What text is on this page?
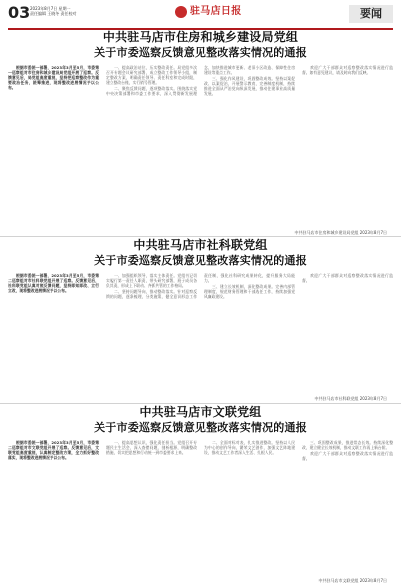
03 2023年8月7日 星期一
责任编辑 王晓冬 责任校对	驻马店日报	要闻
中共驻马店市住房和城乡建设局党组
关于市委巡察反馈意见整改落实情况的通报

根据市委统一部署，2023年3月至5月，市委第一巡察组对市住房和城乡建设局党组开展了巡察。反馈意见后，局党组高度重视，坚持把巡察整改作为重要政治任务，统筹推进，现将整改进展情况予以公布。

一、提高政治站位，压实整改责任。局党组多次召开专题会议研究部署，成立整改工作领导小组，制定整改方案，明确责任领导、责任科室和完成时限，建立整改台账，实行销号管理。

二、聚焦反馈问题，逐项整改落实。围绕落实党中央决策部署和市委工作要求，深入贯彻新发展理念，加快推进城市更新、老旧小区改造、保障性住房建设等重点工作。

三、强化作风建设，巩固整改成效。坚持以案促改、以案促治，开展警示教育，完善制度机制，持续推进全面从严治党向纵深发展，推动住建事业高质量发展。

欢迎广大干部群众对巡察整改落实情况进行监督。如有意见建议，请及时向我们反映。

中共驻马店市住房和城乡建设局党组 2023年8月7日
中共驻马店市社科联党组
关于市委巡察反馈意见整改落实情况的通报

根据市委统一部署，2023年3月至5月，市委第二巡察组对市社科联党组开展了巡察。反馈意见后，社科联党组认真对照反馈问题，坚持即知即改、立行立改，现将整改进展情况予以公布。

一、加强组织领导，落实主体责任。党组书记切实履行第一责任人职责，带头研究部署，班子成员各负其责，形成上下联动、齐抓共管的工作格局。

二、坚持问题导向，推动整改落实。针对巡察反馈的问题，逐条梳理，分类施策，健全意识形态工作责任制，强化社科研究成果转化，提升服务大局能力。

三、建立长效机制，深化整改成果。完善内部管理制度，规范财务管理和干部选任工作，持续加强党风廉政建设。

欢迎广大干部群众对巡察整改落实情况进行监督。

中共驻马店市社科联党组 2023年8月7日
中共驻马店市文联党组
关于市委巡察反馈意见整改落实情况的通报

根据市委统一部署，2023年3月至5月，市委第二巡察组对市文联党组开展了巡察。反馈意见后，文联党组高度重视，认真制定整改方案，全力抓好整改落实，现将整改进展情况予以公布。

一、提高思想认识，强化责任担当。党组召开专题民主生活会，深入查摆问题，剖析根源，明确整改措施，切实把思想和行动统一到市委要求上来。

二、全面对标对表，扎实推进整改。坚持以人民为中心的创作导向，繁荣文艺创作，加强文艺阵地建设，推动文艺工作者深入生活、扎根人民。

三、巩固整改成果，推进常态长效。持续深化整改，建立健全长效机制，推动文联工作再上新台阶。

欢迎广大干部群众对巡察整改落实情况进行监督。

中共驻马店市文联党组 2023年8月7日
